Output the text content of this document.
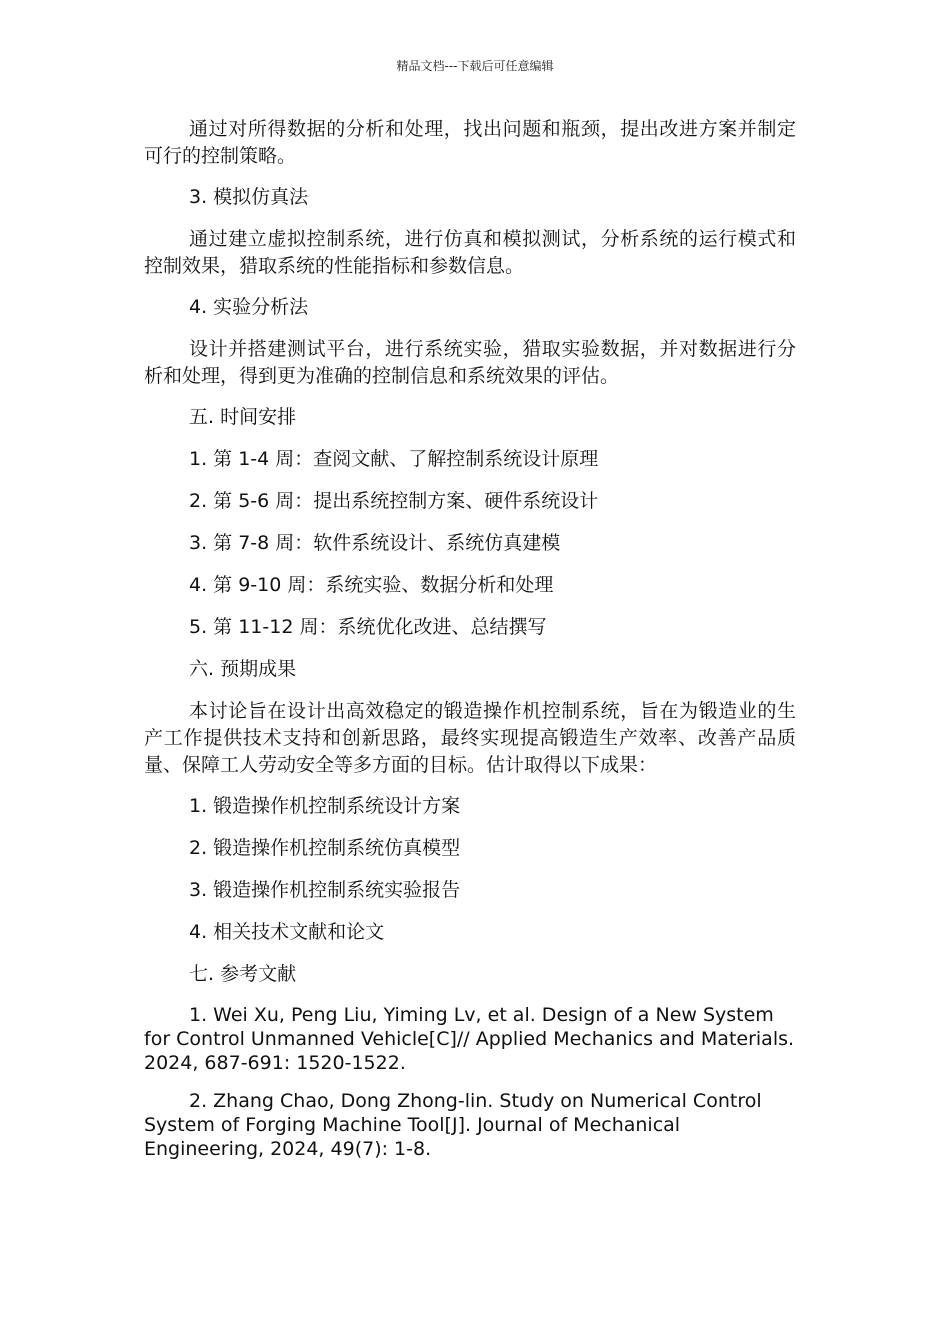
精品文档---下载后可任意编辑

通过对所得数据的分析和处理，找出问题和瓶颈，提出改进方案并制定可行的控制策略。

3. 模拟仿真法

通过建立虚拟控制系统，进行仿真和模拟测试，分析系统的运行模式和控制效果，猎取系统的性能指标和参数信息。

4. 实验分析法

设计并搭建测试平台，进行系统实验，猎取实验数据，并对数据进行分析和处理，得到更为准确的控制信息和系统效果的评估。

五. 时间安排
1. 第 1-4 周：查阅文献、了解控制系统设计原理
2. 第 5-6 周：提出系统控制方案、硬件系统设计
3. 第 7-8 周：软件系统设计、系统仿真建模
4. 第 9-10 周：系统实验、数据分析和处理
5. 第 11-12 周：系统优化改进、总结撰写
六. 预期成果

本讨论旨在设计出高效稳定的锻造操作机控制系统，旨在为锻造业的生产工作提供技术支持和创新思路，最终实现提高锻造生产效率、改善产品质量、保障工人劳动安全等多方面的目标。估计取得以下成果：

1. 锻造操作机控制系统设计方案
2. 锻造操作机控制系统仿真模型
3. 锻造操作机控制系统实验报告
4. 相关技术文献和论文
七. 参考文献

1. Wei Xu, Peng Liu, Yiming Lv, et al. Design of a New System for Control Unmanned Vehicle[C]// Applied Mechanics and Materials. 2024, 687-691: 1520-1522.

2. Zhang Chao, Dong Zhong-lin. Study on Numerical Control System of Forging Machine Tool[J]. Journal of Mechanical Engineering, 2024, 49(7): 1-8.
